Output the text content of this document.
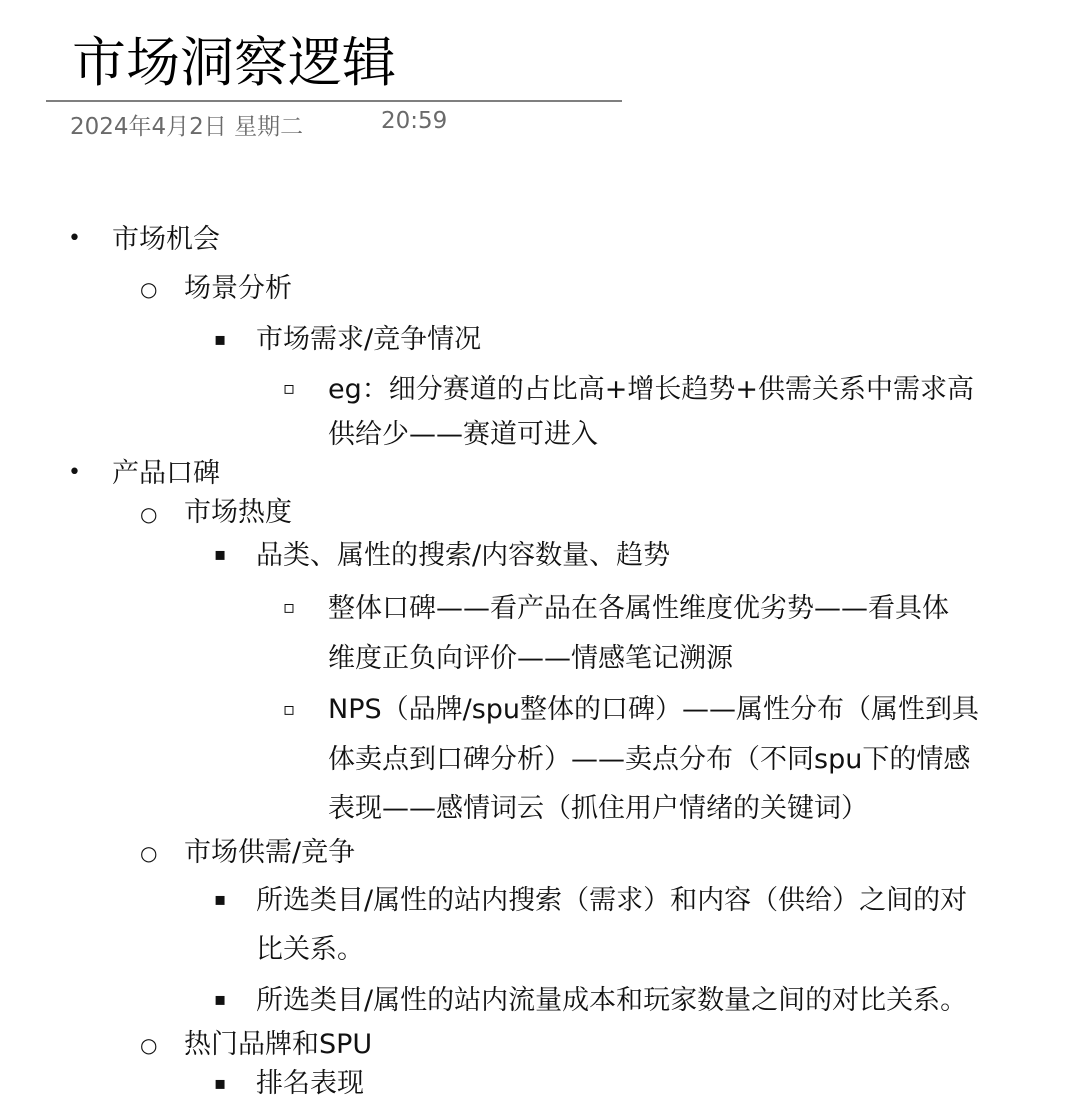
市场洞察逻辑
2024年4月2日 星期二	20:59
• 市场机会
○ 场景分析
▪ 市场需求/竞争情况
▫ eg：细分赛道的占比高+增长趋势+供需关系中需求高
供给少——赛道可进入
• 产品口碑
○ 市场热度
▪ 品类、属性的搜索/内容数量、趋势
▫ 整体口碑——看产品在各属性维度优劣势——看具体
维度正负向评价——情感笔记溯源
▫ NPS（品牌/spu整体的口碑）——属性分布（属性到具
体卖点到口碑分析）——卖点分布（不同spu下的情感
表现——感情词云（抓住用户情绪的关键词）
○ 市场供需/竞争
▪ 所选类目/属性的站内搜索（需求）和内容（供给）之间的对
比关系。
▪ 所选类目/属性的站内流量成本和玩家数量之间的对比关系。
○ 热门品牌和SPU
▪ 排名表现
